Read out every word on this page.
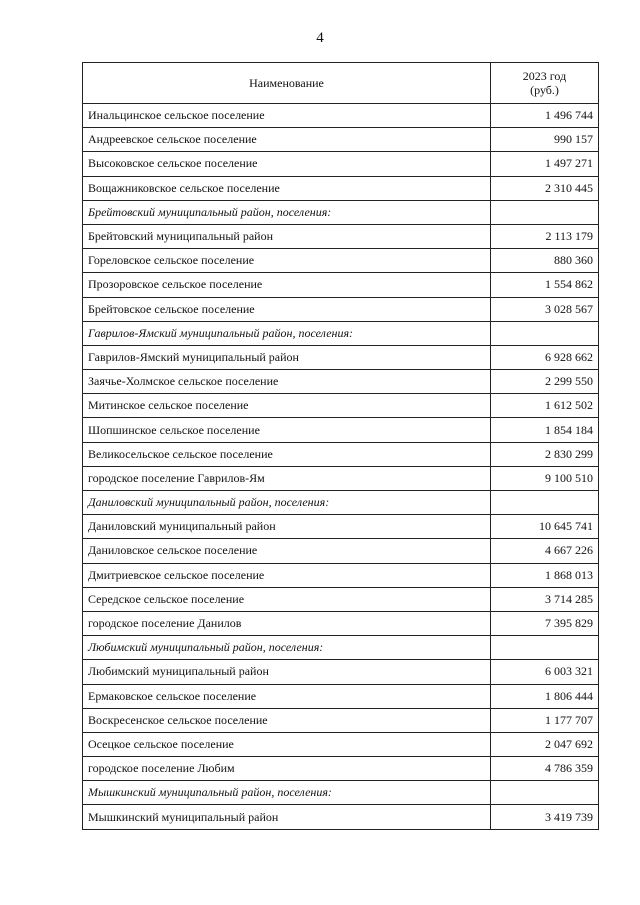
4
Наименование	2023 год
(руб.)

Инальцинское сельское поселение	1 496 744
Андреевское сельское поселение	990 157
Высоковское сельское поселение	1 497 271
Вощажниковское сельское поселение	2 310 445
Брейтовский муниципальный район, поселения:	
Брейтовский муниципальный район	2 113 179
Гореловское сельское поселение	880 360
Прозоровское сельское поселение	1 554 862
Брейтовское сельское поселение	3 028 567
Гаврилов-Ямский муниципальный район, поселения:	
Гаврилов-Ямский муниципальный район	6 928 662
Заячье-Холмское сельское поселение	2 299 550
Митинское сельское поселение	1 612 502
Шопшинское сельское поселение	1 854 184
Великосельское сельское поселение	2 830 299
городское поселение Гаврилов-Ям	9 100 510
Даниловский муниципальный район, поселения:	
Даниловский муниципальный район	10 645 741
Даниловское сельское поселение	4 667 226
Дмитриевское сельское поселение	1 868 013
Середское сельское поселение	3 714 285
городское поселение Данилов	7 395 829
Любимский муниципальный район, поселения:	
Любимский муниципальный район	6 003 321
Ермаковское сельское поселение	1 806 444
Воскресенское сельское поселение	1 177 707
Осецкое сельское поселение	2 047 692
городское поселение Любим	4 786 359
Мышкинский муниципальный район, поселения:	
Мышкинский муниципальный район	3 419 739
